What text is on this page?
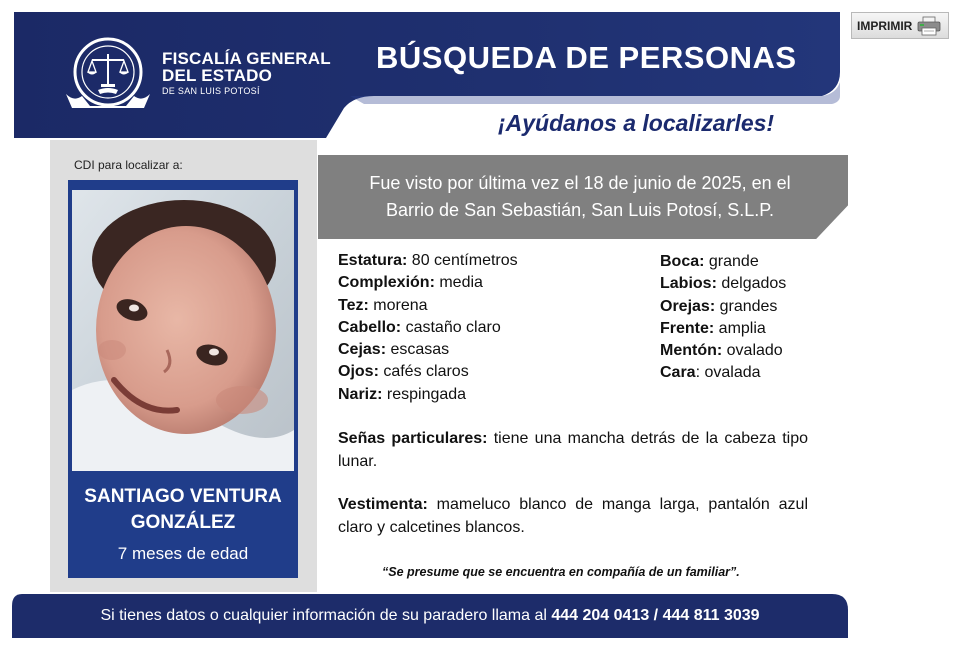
FISCALÍA GENERAL
DEL ESTADO
DE SAN LUIS POTOSÍ
BÚSQUEDA DE PERSONAS
¡Ayúdanos a localizarles!
IMPRIMIR
CDI para localizar a:
SANTIAGO VENTURA
GONZÁLEZ
7 meses de edad
Fue visto por última vez el 18 de junio de 2025, en el
Barrio de San Sebastián, San Luis Potosí, S.L.P.
Estatura: 80 centímetros
Complexión: media
Tez: morena
Cabello: castaño claro
Cejas: escasas
Ojos: cafés claros
Nariz: respingada
Boca: grande
Labios: delgados
Orejas: grandes
Frente: amplia
Mentón: ovalado
Cara: ovalada
Señas particulares: tiene una mancha detrás de la cabeza tipo lunar.
Vestimenta: mameluco blanco de manga larga, pantalón azul claro y calcetines blancos.
“Se presume que se encuentra en compañía de un familiar”.
Si tienes datos o cualquier información de su paradero llama al 444 204 0413 / 444 811 3039
